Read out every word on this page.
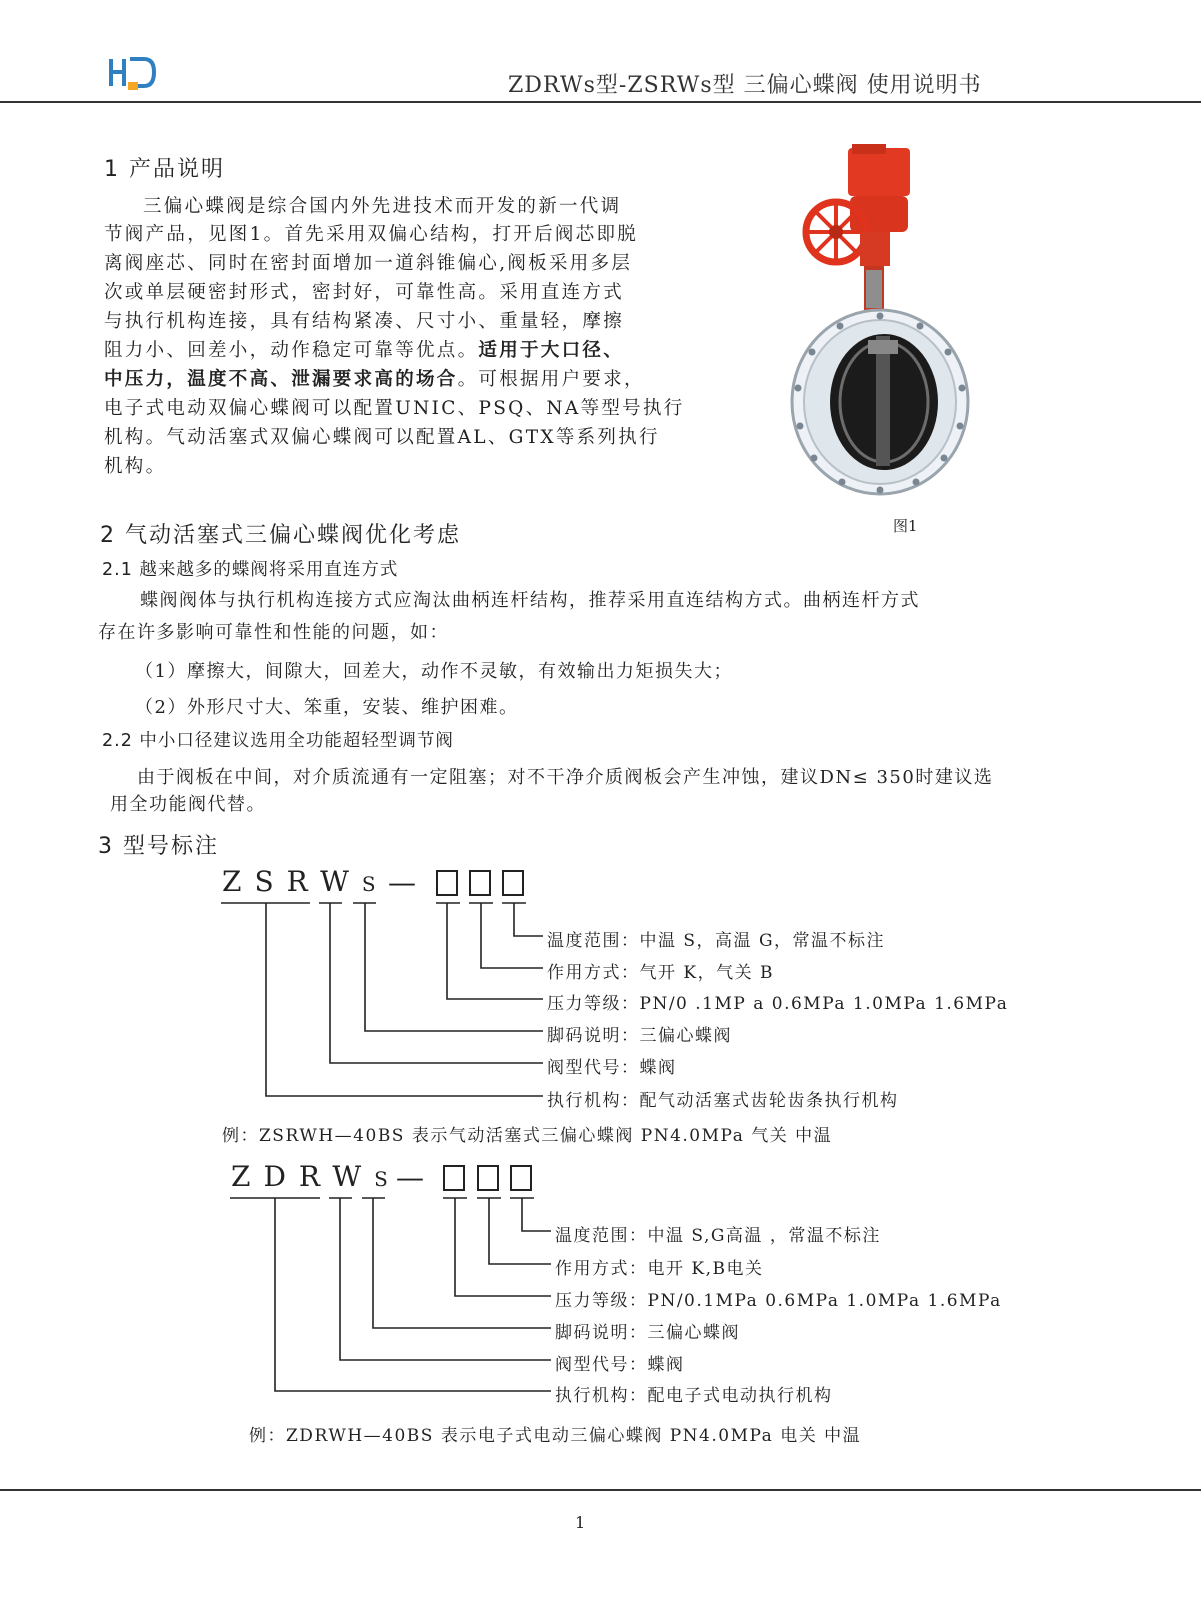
ZDRWs型-ZSRWs型 三偏心蝶阀 使用说明书
1 产品说明
三偏心蝶阀是综合国内外先进技术而开发的新一代调
节阀产品，见图1。首先采用双偏心结构，打开后阀芯即脱
离阀座芯、同时在密封面增加一道斜锥偏心,阀板采用多层
次或单层硬密封形式，密封好，可靠性高。采用直连方式
与执行机构连接，具有结构紧凑、尺寸小、重量轻，摩擦
阻力小、回差小，动作稳定可靠等优点。适用于大口径、
中压力，温度不高、泄漏要求高的场合。可根据用户要求，
电子式电动双偏心蝶阀可以配置UNIC、PSQ、NA等型号执行
机构。气动活塞式双偏心蝶阀可以配置AL、GTX等系列执行
机构。
图1
2 气动活塞式三偏心蝶阀优化考虑
2.1 越来越多的蝶阀将采用直连方式
蝶阀阀体与执行机构连接方式应淘汰曲柄连杆结构，推荐采用直连结构方式。曲柄连杆方式
存在许多影响可靠性和性能的问题，如：
（1）摩擦大，间隙大，回差大，动作不灵敏，有效输出力矩损失大；
（2）外形尺寸大、笨重，安装、维护困难。
2.2 中小口径建议选用全功能超轻型调节阀
由于阀板在中间，对介质流通有一定阻塞；对不干净介质阀板会产生冲蚀，建议DN≤ 350时建议选
用全功能阀代替。
3 型号标注
ZSRWS —
温度范围：中温 S，高温 G，常温不标注
作用方式：气开 K，气关 B
压力等级：PN/0 .1MP a 0.6MPa 1.0MPa 1.6MPa
脚码说明：三偏心蝶阀
阀型代号：蝶阀
执行机构：配气动活塞式齿轮齿条执行机构
例：ZSRWH—40BS 表示气动活塞式三偏心蝶阀 PN4.0MPa 气关 中温
ZDRWS
—
温度范围：中温 S,G高温 ，常温不标注
作用方式：电开 K,B电关
压力等级：PN/0.1MPa 0.6MPa 1.0MPa 1.6MPa
脚码说明：三偏心蝶阀
阀型代号：蝶阀
执行机构：配电子式电动执行机构
例：ZDRWH—40BS 表示电子式电动三偏心蝶阀 PN4.0MPa 电关 中温
1
